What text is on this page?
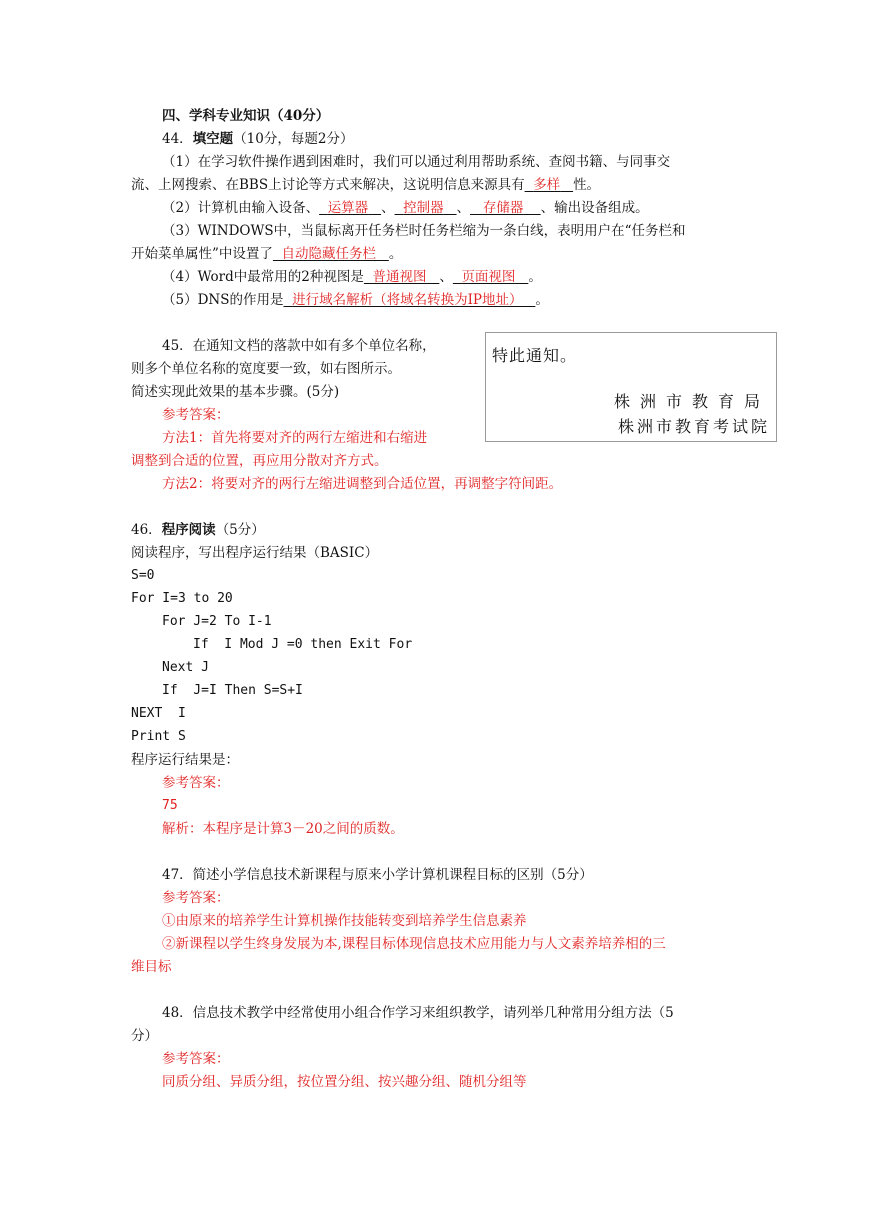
四、学科专业知识（40分）
44．填空题（10分，每题2分）
（1）在学习软件操作遇到困难时，我们可以通过利用帮助系统、查阅书籍、与同事交
流、上网搜索、在BBS上讨论等方式来解决，这说明信息来源具有 多样 性。
（2）计算机由输入设备、 运算器 、 控制器 、 存储器 、输出设备组成。
（3）WINDOWS中，当鼠标离开任务栏时任务栏缩为一条白线，表明用户在“任务栏和
开始菜单属性”中设置了 自动隐藏任务栏 。
（4）Word中最常用的2种视图是 普通视图 、 页面视图 。
（5）DNS的作用是 进行域名解析（将域名转换为IP地址） 。
45．在通知文档的落款中如有多个单位名称，
则多个单位名称的宽度要一致，如右图所示。
简述实现此效果的基本步骤。(5分)
参考答案：
方法1：首先将要对齐的两行左缩进和右缩进
调整到合适的位置，再应用分散对齐方式。
方法2：将要对齐的两行左缩进调整到合适位置，再调整字符间距。
特此通知。
株洲市教育局
株洲市教育考试院
46．程序阅读（5分）
阅读程序，写出程序运行结果（BASIC）
S=0
For I=3 to 20
For J=2 To I-1
If  I Mod J =0 then Exit For
Next J
If  J=I Then S=S+I
NEXT  I
Print S
程序运行结果是：
参考答案：
75
解析：本程序是计算3－20之间的质数。
47．简述小学信息技术新课程与原来小学计算机课程目标的区别（5分）
参考答案：
①由原来的培养学生计算机操作技能转变到培养学生信息素养
②新课程以学生终身发展为本,课程目标体现信息技术应用能力与人文素养培养相的三
维目标
48．信息技术教学中经常使用小组合作学习来组织教学，请列举几种常用分组方法（5
分）
参考答案：
同质分组、异质分组，按位置分组、按兴趣分组、随机分组等
